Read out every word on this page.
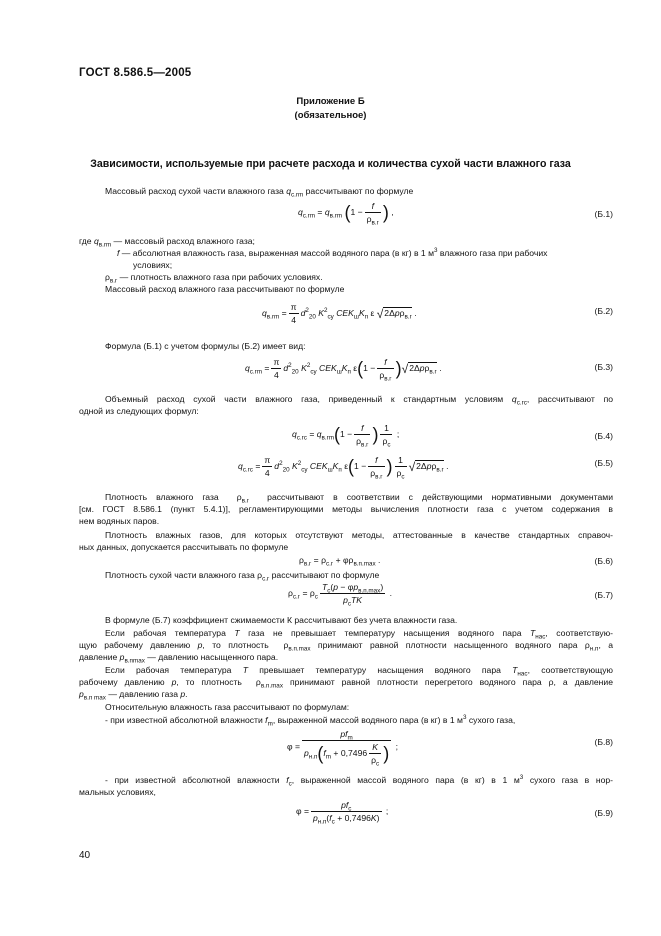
ГОСТ 8.586.5—2005
Приложение Б
(обязательное)
Зависимости, используемые при расчете расхода и количества сухой части влажного газа
Массовый расход сухой части влажного газа $q_{c.rm}$ рассчитывают по формуле
$q_{c.rm} = q_{в.rm}$ ($1 - \frac{f}{\rho_{в.г}}$ ) ,	(Б.1)
где $q_{в.rm}$ — массовый расход влажного газа;
f — абсолютная влажность газа, выраженная массой водяного пара (в кг) в 1 $м^3$ влажного газа при рабочих
условиях;
$\rho_{в.г}$ — плотность влажного газа при рабочих условиях.
Массовый расход влажного газа рассчитывают по формуле
$q_{в.rm} = \frac{\pi}{4} d^2_{20}$ $K^2_{cy}$ $CEK_шK_п$ ε √2Δpρ$_{в.г}$ .	(Б.2)
Формула (Б.1) с учетом формулы (Б.2) имеет вид:
$q_{c.rm} = \frac{\pi}{4} d^2_{20}$ $K^2_{cy}$ $CEK_шK_п$ $\varepsilon(1 - \frac{f}{\rho_{в.г}} )√2\Delta p\rho_{в.г}$ .	(Б.3)
Объемный расход сухой части влажного газа, приведенный к стандартным условиям $q_{c.rc}$, рассчитывают по
одной из следующих формул:
$q_{c.rc} = q_{в.rm}(1 - \frac{f}{\rho_{в.г}}$ ) $\frac{1}{\rho_c}$ ;	(Б.4)
$q_{c.rc} = \frac{\pi}{4} d^2_{20}$ $K^2_{cy}$ $CEK_шK_п$ $\varepsilon(1 - \frac{f}{\rho_{в.г}}$ ) $\frac{1}{\rho_c} √2\Delta p\rho_{в.г}$ .	(Б.5)
Плотность влажного газа  $\rho_{в.г}$  рассчитывают в соответствии с действующими нормативными документами
[см. ГОСТ 8.586.1 (пункт 5.4.1)], регламентирующими методы вычисления плотности газа с учетом содержания в
нем водяных паров.
Плотность влажных газов, для которых отсутствуют методы, аттестованные в качестве стандартных справоч-
ных данных, допускается рассчитывать по формуле
$\rho_{в.г} = \rho_{c.г} + \varphi\rho_{в.п.max}$ .	(Б.6)
Плотность сухой части влажного газа $\rho_{c.г}$ рассчитывают по формуле
$\rho_{c.г} = \rho_c \frac{T_c(p - \varphi p_{в.п.max})}{p_cTK}$ .	(Б.7)
В формуле (Б.7) коэффициент сжимаемости К рассчитывают без учета влажности газа.
Если рабочая температура Т газа не превышает температуру насыщения водяного пара $Т_{нас}$, соответствую-
щую рабочему давлению р, то плотность  $\rho_{в.п.max}$ принимают равной плотности насыщенного водяного пара $\rho_{н.п}$, а
давление $р_{в.пmax}$ — давлению насыщенного пара.
Если рабочая температура Т превышает температуру насыщения водяного пара $Т_{нас}$, соответствующую
рабочему давлению р, то плотность  $\rho_{в.п.max}$ принимают равной плотности перегретого водяного пара ρ, а давление
$р_{в.п max}$ — давлению газа р.
Относительную влажность газа рассчитывают по формулам:
- при известной абсолютной влажности $f_m$, выраженной массой водяного пара (в кг) в 1 $м^3$ сухого газа,
$\varphi = \frac{pf_m}{p_{н.п}(f_m + 0,7496 \frac{K}{\rho_c} )}$ ;	(Б.8)
- при известной абсолютной влажности $f_c$, выраженной массой водяного пара (в кг) в 1 $м^3$ сухого газа в нор-
мальных условиях,
$\varphi = \frac{pf_c}{p_{н.п}(f_c + 0,7496K)}$ ;	(Б.9)
40
